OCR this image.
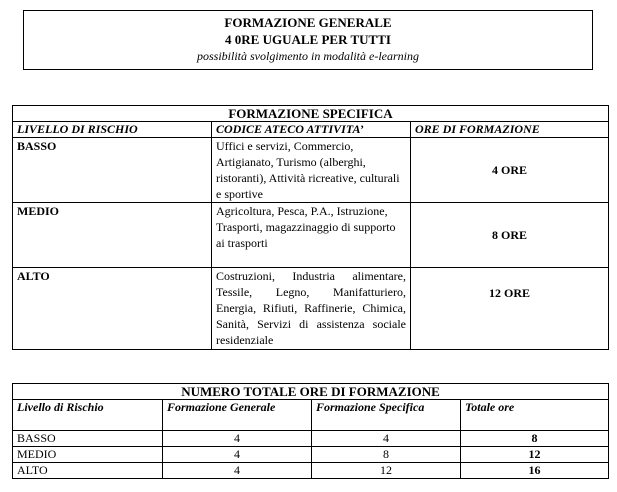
FORMAZIONE GENERALE
4 0RE UGUALE PER TUTTI
possibilità svolgimento in modalità e-learning
FORMAZIONE SPECIFICA		
LIVELLO DI RISCHIO	CODICE ATECO ATTIVITA’	ORE DI FORMAZIONE
BASSO	Uffici e servizi, Commercio, Artigianato, Turismo (alberghi, ristoranti), Attività ricreative, culturali e sportive	4 ORE
MEDIO	Agricoltura, Pesca, P.A., Istruzione, Trasporti, magazzinaggio di supporto ai trasporti	8 ORE
ALTO	Costruzioni, Industria alimentare, Tessile, Legno, Manifatturiero, Energia, Rifiuti, Raffinerie, Chimica, Sanità, Servizi di assistenza sociale residenziale	12 ORE
NUMERO TOTALE ORE DI FORMAZIONE			
Livello di Rischio	Formazione Generale	Formazione Specifica	Totale ore
BASSO	4	4	8
MEDIO	4	8	12
ALTO	4	12	16
